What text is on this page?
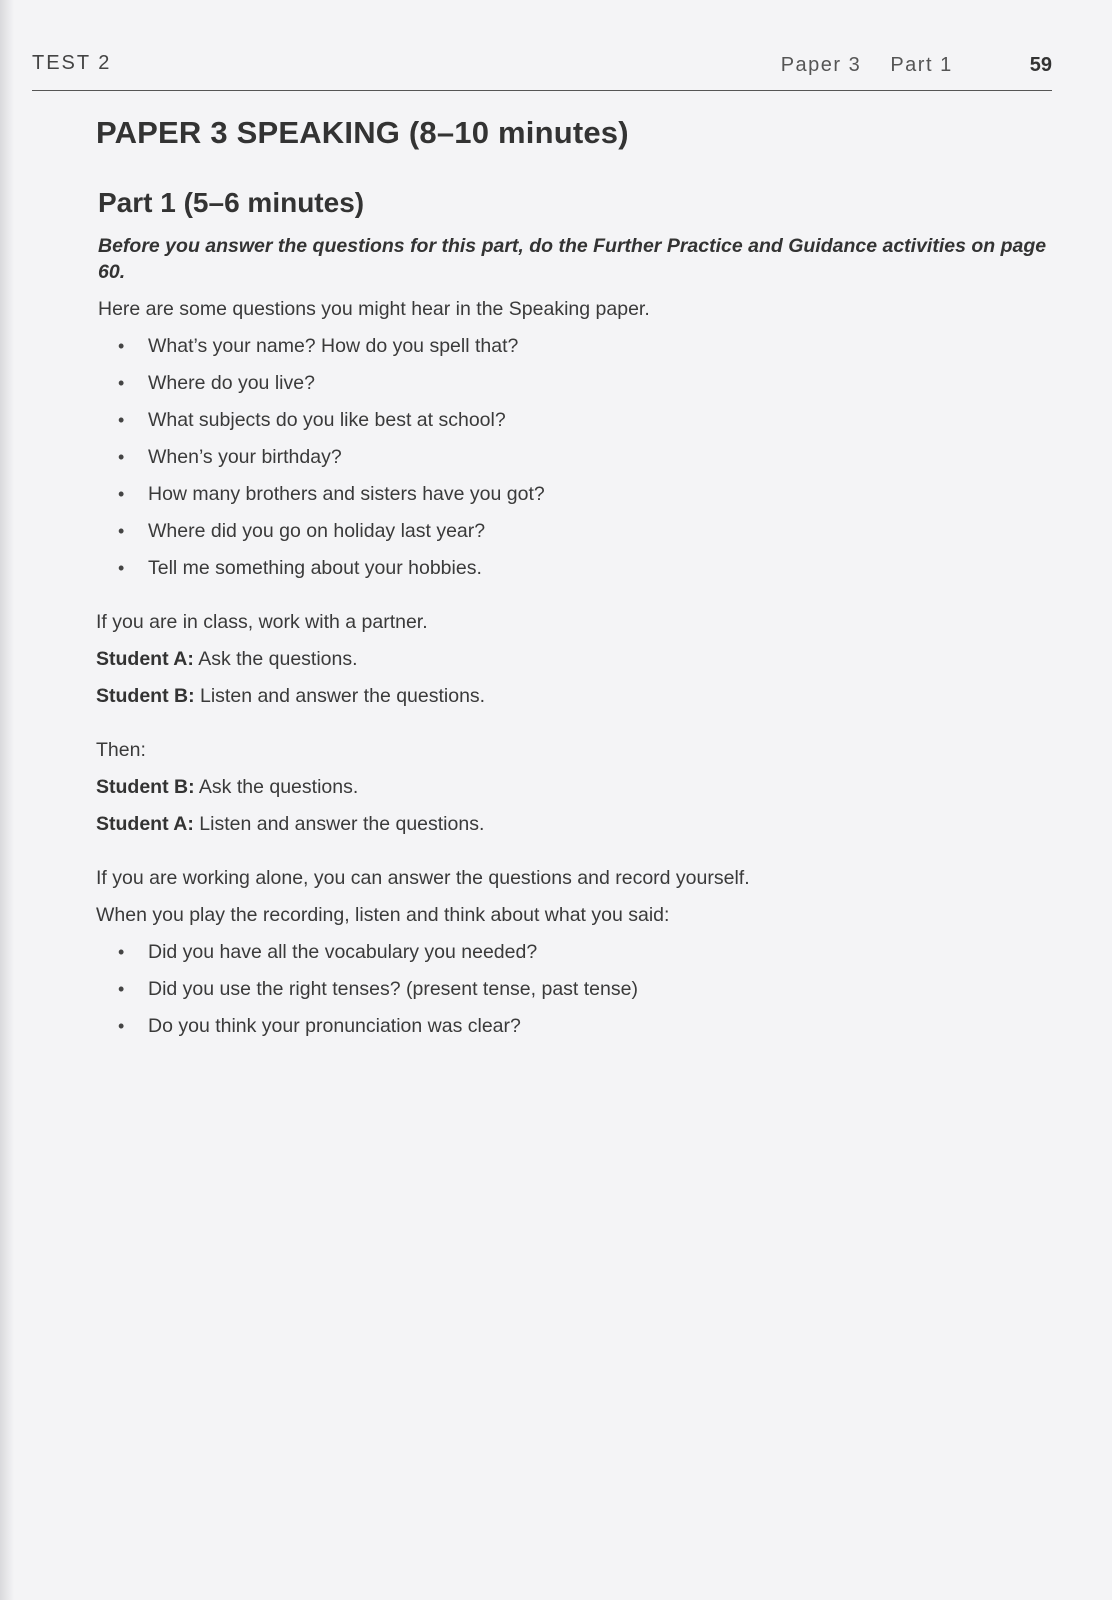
TEST 2	Paper 3 Part 1	59
PAPER 3 SPEAKING (8–10 minutes)
Part 1 (5–6 minutes)
Before you answer the questions for this part, do the Further Practice and Guidance activities on page 60.

Here are some questions you might hear in the Speaking paper.

• What’s your name? How do you spell that?
• Where do you live?
• What subjects do you like best at school?
• When’s your birthday?
• How many brothers and sisters have you got?
• Where did you go on holiday last year?
• Tell me something about your hobbies.

If you are in class, work with a partner.

Student A: Ask the questions.

Student B: Listen and answer the questions.

Then:

Student B: Ask the questions.

Student A: Listen and answer the questions.

If you are working alone, you can answer the questions and record yourself.

When you play the recording, listen and think about what you said:

• Did you have all the vocabulary you needed?
• Did you use the right tenses? (present tense, past tense)
• Do you think your pronunciation was clear?
